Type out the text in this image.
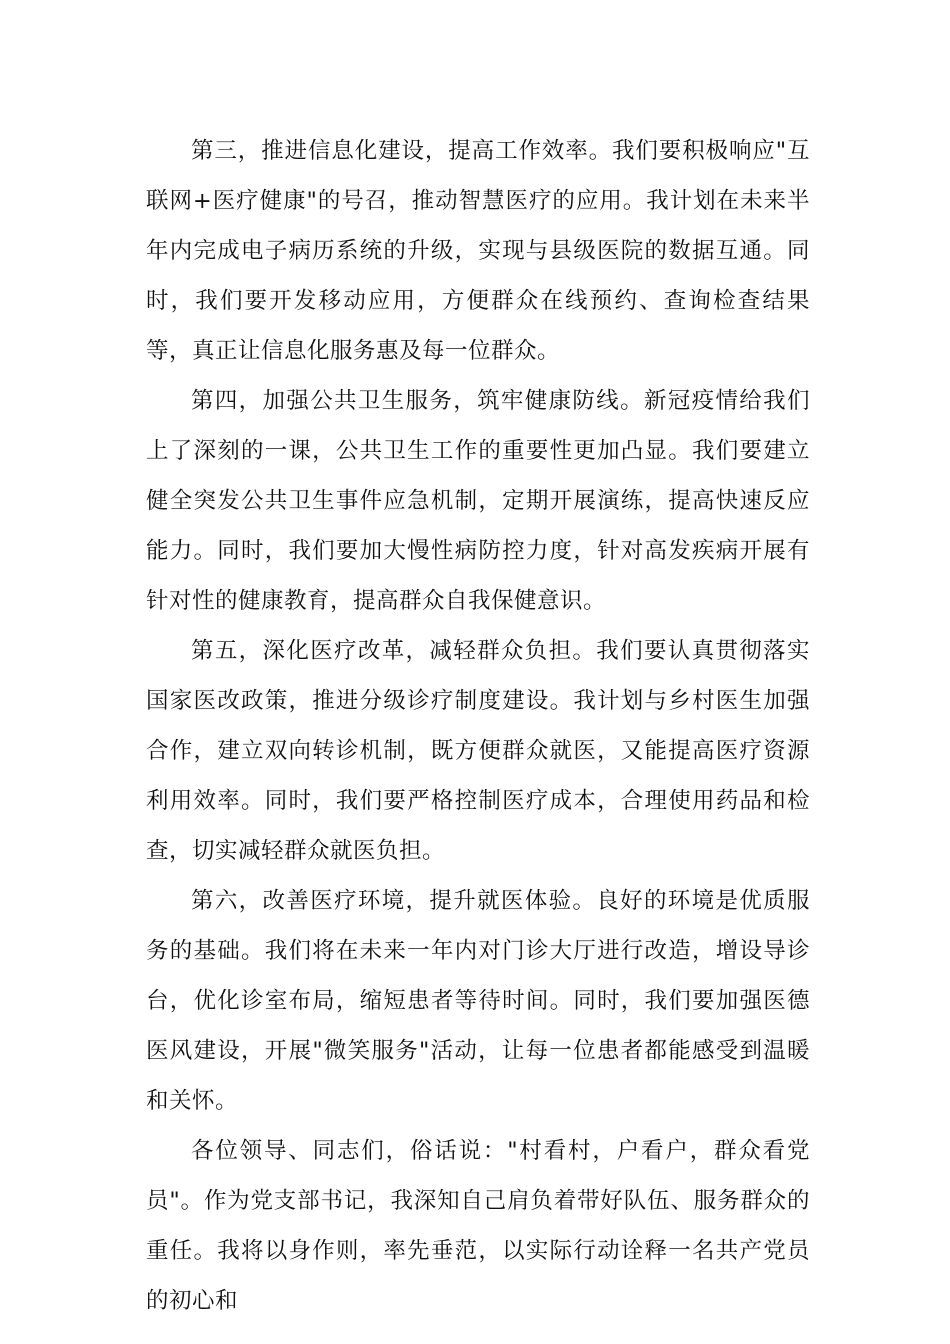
第三，推进信息化建设，提高工作效率。我们要积极响应"互联网+医疗健康"的号召，推动智慧医疗的应用。我计划在未来半年内完成电子病历系统的升级，实现与县级医院的数据互通。同时，我们要开发移动应用，方便群众在线预约、查询检查结果等，真正让信息化服务惠及每一位群众。

第四，加强公共卫生服务，筑牢健康防线。新冠疫情给我们上了深刻的一课，公共卫生工作的重要性更加凸显。我们要建立健全突发公共卫生事件应急机制，定期开展演练，提高快速反应能力。同时，我们要加大慢性病防控力度，针对高发疾病开展有针对性的健康教育，提高群众自我保健意识。

第五，深化医疗改革，减轻群众负担。我们要认真贯彻落实国家医改政策，推进分级诊疗制度建设。我计划与乡村医生加强合作，建立双向转诊机制，既方便群众就医，又能提高医疗资源利用效率。同时，我们要严格控制医疗成本，合理使用药品和检查，切实减轻群众就医负担。

第六，改善医疗环境，提升就医体验。良好的环境是优质服务的基础。我们将在未来一年内对门诊大厅进行改造，增设导诊台，优化诊室布局，缩短患者等待时间。同时，我们要加强医德医风建设，开展"微笑服务"活动，让每一位患者都能感受到温暖和关怀。

各位领导、同志们，俗话说："村看村，户看户，群众看党员"。作为党支部书记，我深知自己肩负着带好队伍、服务群众的重任。我将以身作则，率先垂范，以实际行动诠释一名共产党员的初心和
